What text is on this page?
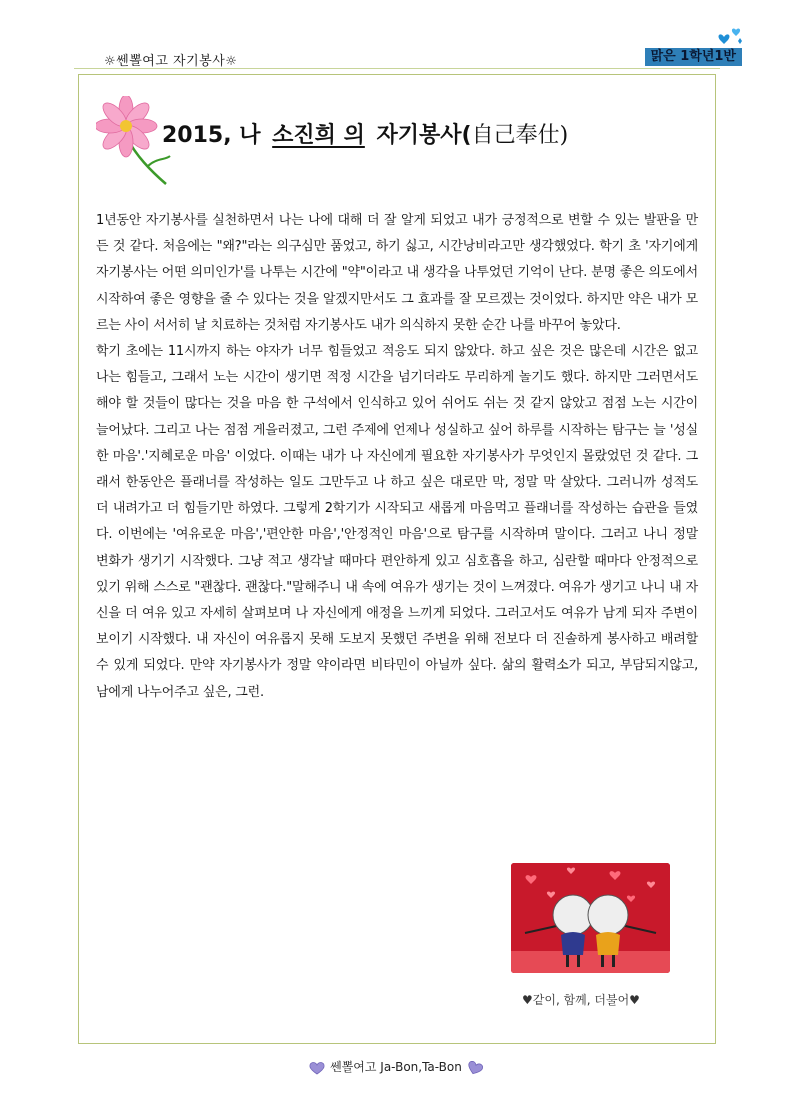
☼쎈뽈여고 자기봉사☼	맑은 1학년1반
2015, 나 소진희 의 자기봉사(自己奉仕)

1년동안 자기봉사를 실천하면서 나는 나에 대해 더 잘 알게 되었고 내가 긍정적으로 변할 수 있는 발판을 만든 것 같다. 처음에는 "왜?"라는 의구심만 품었고, 하기 싫고, 시간낭비라고만 생각했었다. 학기 초 '자기에게 자기봉사는 어떤 의미인가'를 나투는 시간에 "약"이라고 내 생각을 나투었던 기억이 난다. 분명 좋은 의도에서 시작하여 좋은 영향을 줄 수 있다는 것을 알겠지만서도 그 효과를 잘 모르겠는 것이었다. 하지만 약은 내가 모르는 사이 서서히 날 치료하는 것처럼 자기봉사도 내가 의식하지 못한 순간 나를 바꾸어 놓았다.

학기 초에는 11시까지 하는 야자가 너무 힘들었고 적응도 되지 않았다. 하고 싶은 것은 많은데 시간은 없고 나는 힘들고, 그래서 노는 시간이 생기면 적정 시간을 넘기더라도 무리하게 놀기도 했다. 하지만 그러면서도 해야 할 것들이 많다는 것을 마음 한 구석에서 인식하고 있어 쉬어도 쉬는 것 같지 않았고 점점 노는 시간이 늘어났다. 그리고 나는 점점 게을러졌고, 그런 주제에 언제나 성실하고 싶어 하루를 시작하는 탐구는 늘 '성실한 마음'.'지혜로운 마음' 이었다. 이때는 내가 나 자신에게 필요한 자기봉사가 무엇인지 몰랐었던 것 같다. 그래서 한동안은 플래너를 작성하는 일도 그만두고 나 하고 싶은 대로만 막, 정말 막 살았다. 그러니까 성적도 더 내려가고 더 힘들기만 하였다. 그렇게 2학기가 시작되고 새롭게 마음먹고 플래너를 작성하는 습관을 들였다. 이번에는 '여유로운 마음','편안한 마음','안정적인 마음'으로 탐구를 시작하며 말이다. 그러고 나니 정말 변화가 생기기 시작했다. 그냥 적고 생각날 때마다 편안하게 있고 심호흡을 하고, 심란할 때마다 안정적으로 있기 위해 스스로 "괜찮다. 괜찮다."말해주니 내 속에 여유가 생기는 것이 느껴졌다. 여유가 생기고 나니 내 자신을 더 여유 있고 자세히 살펴보며 나 자신에게 애정을 느끼게 되었다. 그러고서도 여유가 남게 되자 주변이 보이기 시작했다. 내 자신이 여유롭지 못해 도보지 못했던 주변을 위해 전보다 더 진솔하게 봉사하고 배려할 수 있게 되었다. 만약 자기봉사가 정말 약이라면 비타민이 아닐까 싶다. 삶의 활력소가 되고, 부담되지않고, 남에게 나누어주고 싶은, 그런.

♥같이, 함께, 더불어♥
쎈뽈여고 Ja-Bon,Ta-Bon
